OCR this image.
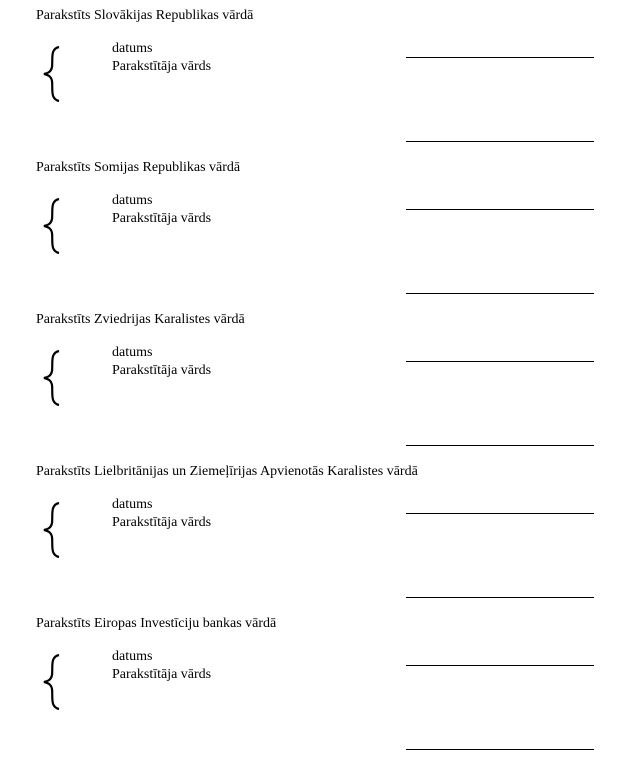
Parakstīts Slovākijas Republikas vārdā
datums
Parakstītāja vārds
Parakstīts Somijas Republikas vārdā
datums
Parakstītāja vārds
Parakstīts Zviedrijas Karalistes vārdā
datums
Parakstītāja vārds
Parakstīts Lielbritānijas un Ziemeļīrijas Apvienotās Karalistes vārdā
datums
Parakstītāja vārds
Parakstīts Eiropas Investīciju bankas vārdā
datums
Parakstītāja vārds
